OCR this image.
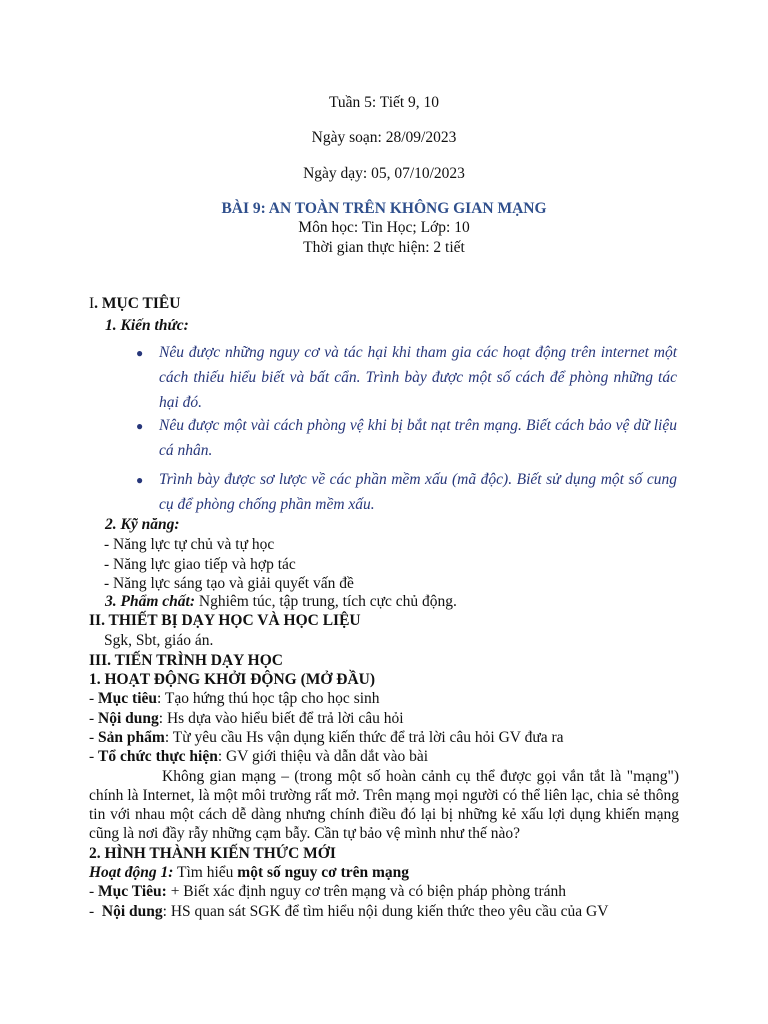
Tuần 5: Tiết 9, 10
Ngày soạn: 28/09/2023
Ngày dạy: 05, 07/10/2023
BÀI 9: AN TOÀN TRÊN KHÔNG GIAN MẠNG
Môn học: Tin Học; Lớp: 10
Thời gian thực hiện: 2 tiết
I. MỤC TIÊU
1. Kiến thức:
● Nêu được những nguy cơ và tác hại khi tham gia các hoạt động trên internet một cách thiếu hiểu biết và bất cẩn. Trình bày được một số cách để phòng những tác hại đó.
● Nêu được một vài cách phòng vệ khi bị bắt nạt trên mạng. Biết cách bảo vệ dữ liệu cá nhân.
● Trình bày được sơ lược về các phần mềm xấu (mã độc). Biết sử dụng một số cung cụ để phòng chống phần mềm xấu.
2. Kỹ năng:
- Năng lực tự chủ và tự học
- Năng lực giao tiếp và hợp tác
- Năng lực sáng tạo và giải quyết vấn đề
3. Phẩm chất: Nghiêm túc, tập trung, tích cực chủ động.
II. THIẾT BỊ DẠY HỌC VÀ HỌC LIỆU
Sgk, Sbt, giáo án.
III. TIẾN TRÌNH DẠY HỌC
1. HOẠT ĐỘNG KHỞI ĐỘNG (MỞ ĐẦU)
- Mục tiêu: Tạo hứng thú học tập cho học sinh
- Nội dung: Hs dựa vào hiểu biết để trả lời câu hỏi
- Sản phẩm: Từ yêu cầu Hs vận dụng kiến thức để trả lời câu hỏi GV đưa ra
- Tổ chức thực hiện: GV giới thiệu và dẫn dắt vào bài
Không gian mạng – (trong một số hoàn cảnh cụ thể được gọi vắn tắt là "mạng") chính là Internet, là một môi trường rất mở. Trên mạng mọi người có thể liên lạc, chia sẻ thông tin với nhau một cách dễ dàng nhưng chính điều đó lại bị những kẻ xấu lợi dụng khiến mạng cũng là nơi đầy rẫy những cạm bẫy. Cần tự bảo vệ mình như thế nào?
2. HÌNH THÀNH KIẾN THỨC MỚI
Hoạt động 1: Tìm hiểu một số nguy cơ trên mạng
- Mục Tiêu: + Biết xác định nguy cơ trên mạng và có biện pháp phòng tránh
-  Nội dung: HS quan sát SGK để tìm hiểu nội dung kiến thức theo yêu cầu của GV
